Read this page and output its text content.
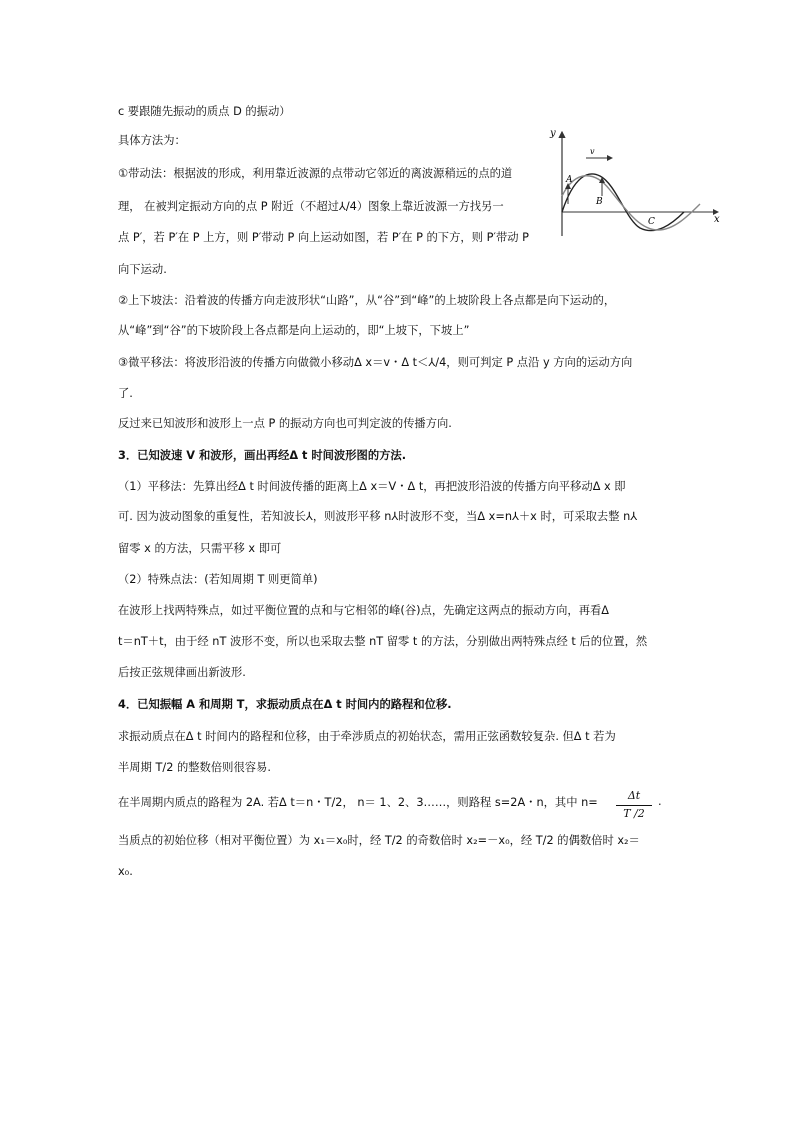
c 要跟随先振动的质点 D 的振动）
具体方法为：
①带动法：根据波的形成，利用靠近波源的点带动它邻近的离波源稍远的点的道
理， 在被判定振动方向的点 P 附近（不超过⅄/4）图象上靠近波源一方找另一
点 P′，若 P′在 P 上方，则 P′带动 P 向上运动如图，若 P′在 P 的下方，则 P′带动 P
向下运动.
②上下坡法：沿着波的传播方向走波形状“山路”，从“谷”到“峰”的上坡阶段上各点都是向下运动的，
从“峰”到“谷”的下坡阶段上各点都是向上运动的，即“上坡下，下坡上”
③微平移法：将波形沿波的传播方向做微小移动Δ x＝v・Δ t＜⅄/4，则可判定 P 点沿 y 方向的运动方向
了.
反过来已知波形和波形上一点 P 的振动方向也可判定波的传播方向.
3．已知波速 V 和波形，画出再经Δ t 时间波形图的方法.
（1）平移法：先算出经Δ t 时间波传播的距离上Δ x＝V・Δ t，再把波形沿波的传播方向平移动Δ x 即
可. 因为波动图象的重复性，若知波长⅄，则波形平移 n⅄时波形不变，当Δ x=n⅄＋x 时，可采取去整 n⅄
留零 x 的方法，只需平移 x 即可
（2）特殊点法：(若知周期 T 则更简单)
在波形上找两特殊点，如过平衡位置的点和与它相邻的峰(谷)点，先确定这两点的振动方向，再看Δ
t＝nT＋t，由于经 nT 波形不变，所以也采取去整 nT 留零 t 的方法，分别做出两特殊点经 t 后的位置，然
后按正弦规律画出新波形.
4．已知振幅 A 和周期 T，求振动质点在Δ t 时间内的路程和位移.
求振动质点在Δ t 时间内的路程和位移，由于牵涉质点的初始状态，需用正弦函数较复杂. 但Δ t 若为
半周期 T/2 的整数倍则很容易.
在半周期内质点的路程为 2A. 若Δ t＝n・T/2， n＝ 1、2、3……，则路程 s=2A・n，其中 n=
当质点的初始位移（相对平衡位置）为 x₁＝x₀时，经 T/2 的奇数倍时 x₂=－x₀，经 T/2 的偶数倍时 x₂＝
x₀.
Δt
T /2
.
y
x
v
A
B
C
